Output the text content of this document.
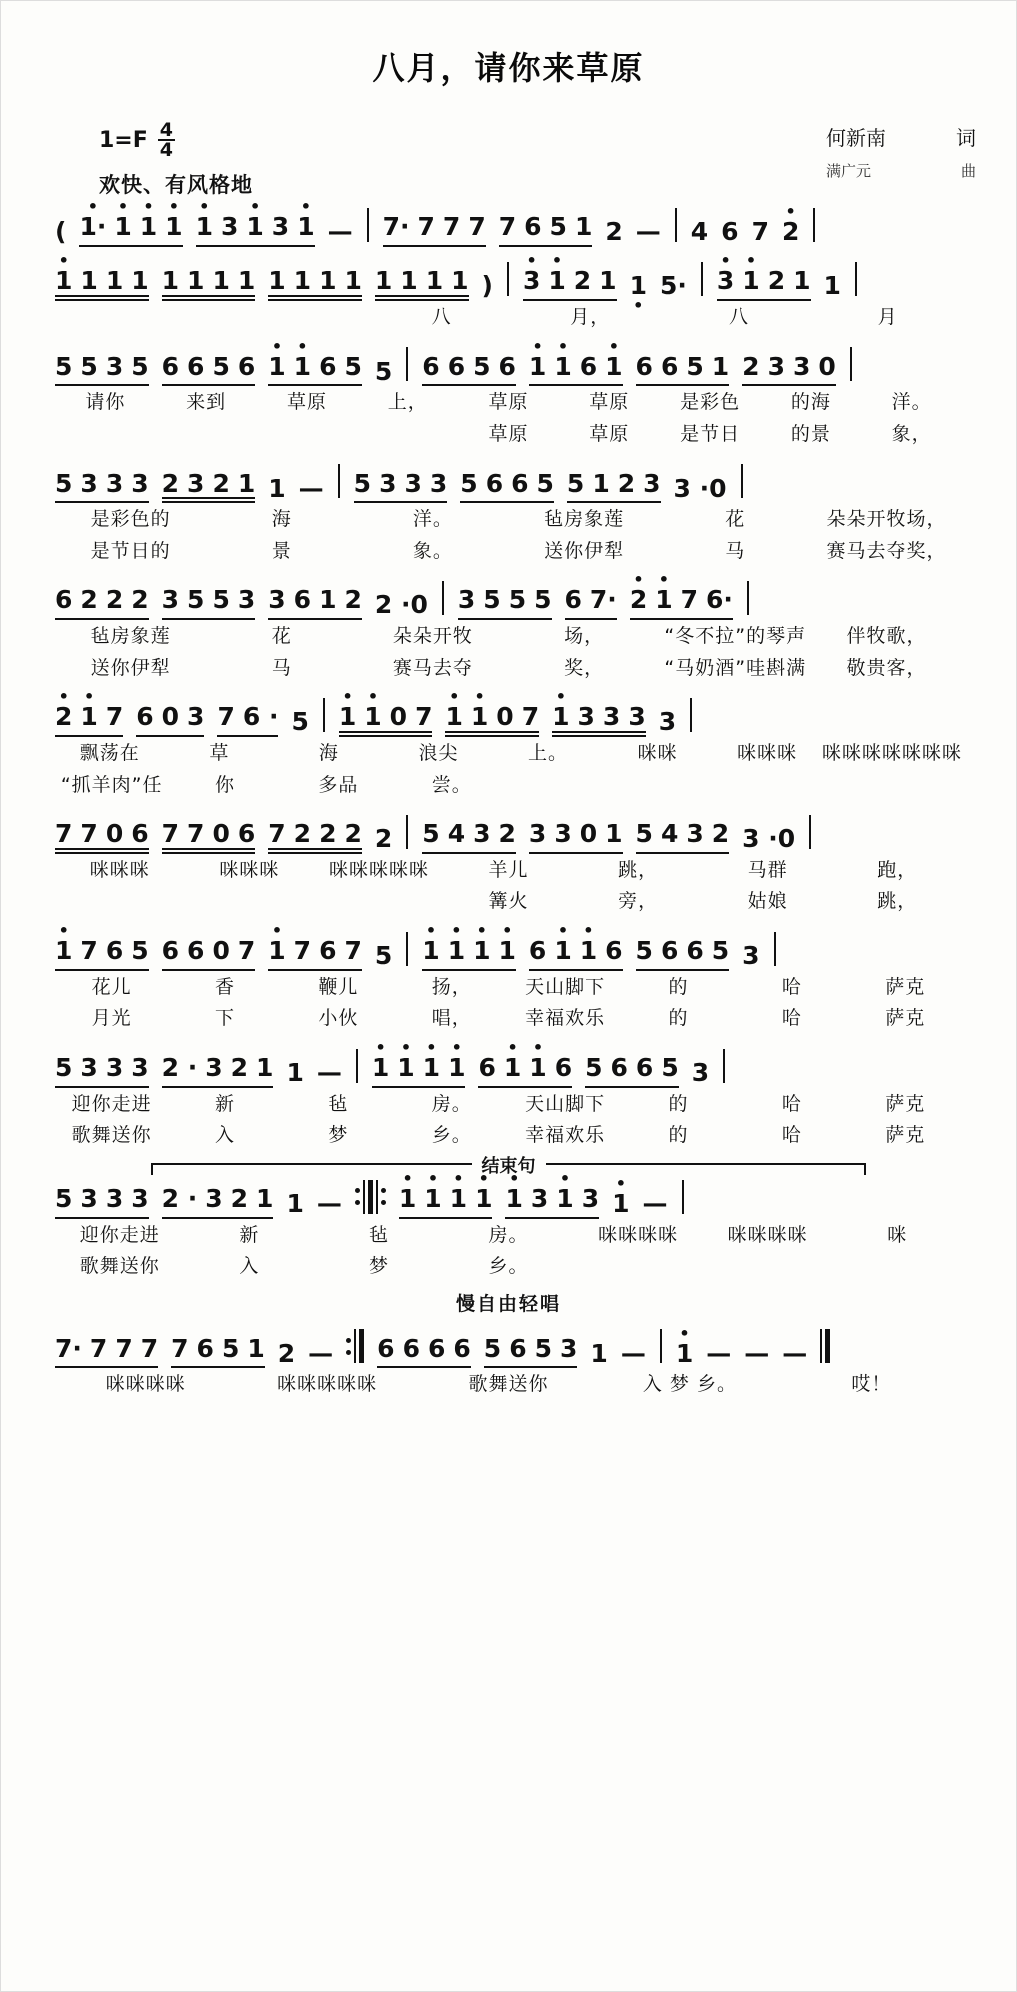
八月，请你来草原
$1=F \frac{4}{4}$
欢快、有风格地
何新南	词
满广元	曲
( • 1· • 1 • 1 • 1 • 1 3 • 1 3 • 1 — 7· 7 7 7 7 6 5 1 2 — 4 6 7 • 2
• 1 1 1 1 1 1 1 1 1 1 1 1 1 1 1 1 ) • 3 • 1 2 1 1 • 5· • 3 • 1 2 1 1
八	月，	八	月
5 5 3 5 6 6 5 6 • 1 • 1 6 5 5 6 6 5 6 • 1 • 1 6 • 1 6 6 5 1 2 3 3 0
请你	来到	草原	上，	草原	草原	是彩色	的海	洋。
草原	草原	是节日	的景	象，
5 3 3 3 2 3 2 1 1 — 5 3 3 3 5 6 6 5 5 1 2 3 3 ·0
是彩色的	海	洋。	毡房象莲	花	朵朵开牧场，
是节日的	景	象。	送你伊犁	马	赛马去夺奖，
6 2 2 2 3 5 5 3 3 6 1 2 2 ·0 3 5 5 5 6 7· • 2 • 1 7 6·
毡房象莲	花	朵朵开牧	场，	“冬不拉”的琴声	伴牧歌，
送你伊犁	马	赛马去夺	奖，	“马奶酒”哇斟满	敬贵客，
• 2 • 1 7 6 0 3 7 6 · 5 • 1 • 1 0 7 • 1 • 1 0 7 • 1 3 3 3 3
飘荡在	草	海	浪尖	上。	咪咪	咪咪咪	咪咪咪咪咪咪咪
“抓羊肉”任	你	多品	尝。
7 7 0 6 7 7 0 6 7 2 2 2 2 5 4 3 2 3 3 0 1 5 4 3 2 3 ·0
咪咪咪	咪咪咪	咪咪咪咪咪	羊儿	跳，	马群	跑，
篝火	旁，	姑娘	跳，
• 1 7 6 5 6 6 0 7 • 1 7 6 7 5 • 1 • 1 • 1 • 1 6 • 1 • 1 6 5 6 6 5 3
花儿	香	鞭儿	扬，	天山脚下	的	哈	萨克
月光	下	小伙	唱，	幸福欢乐	的	哈	萨克
5 3 3 3 2 · 3 2 1 1 — • 1 • 1 • 1 • 1 6 • 1 • 1 6 5 6 6 5 3
迎你走进	新	毡	房。	天山脚下	的	哈	萨克
歌舞送你	入	梦	乡。	幸福欢乐	的	哈	萨克
结束句
5 3 3 3 2 · 3 2 1 1 — • 1 • 1 • 1 • 1 • 1 3 • 1 3 • 1 —
迎你走进	新	毡	房。	咪咪咪咪	咪咪咪咪	咪
歌舞送你	入	梦	乡。
慢自由轻唱
7· 7 7 7 7 6 5 1 2 — 6 6 6 6 5 6 5 3 1 — • 1 — — —
咪咪咪咪	咪咪咪咪咪	歌舞送你	入 梦 乡。	哎！
